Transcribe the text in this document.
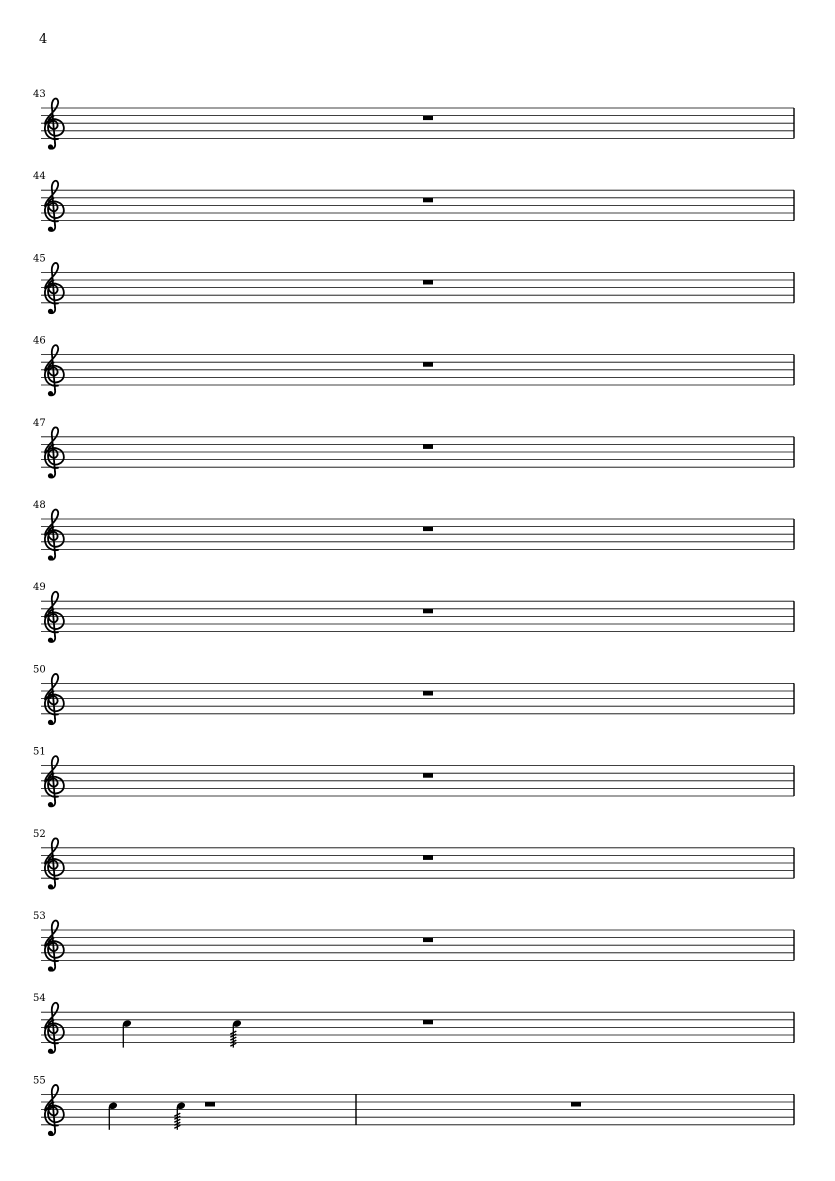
4
43
44
45
46
47
48
49
50
51
52
53
54
55
